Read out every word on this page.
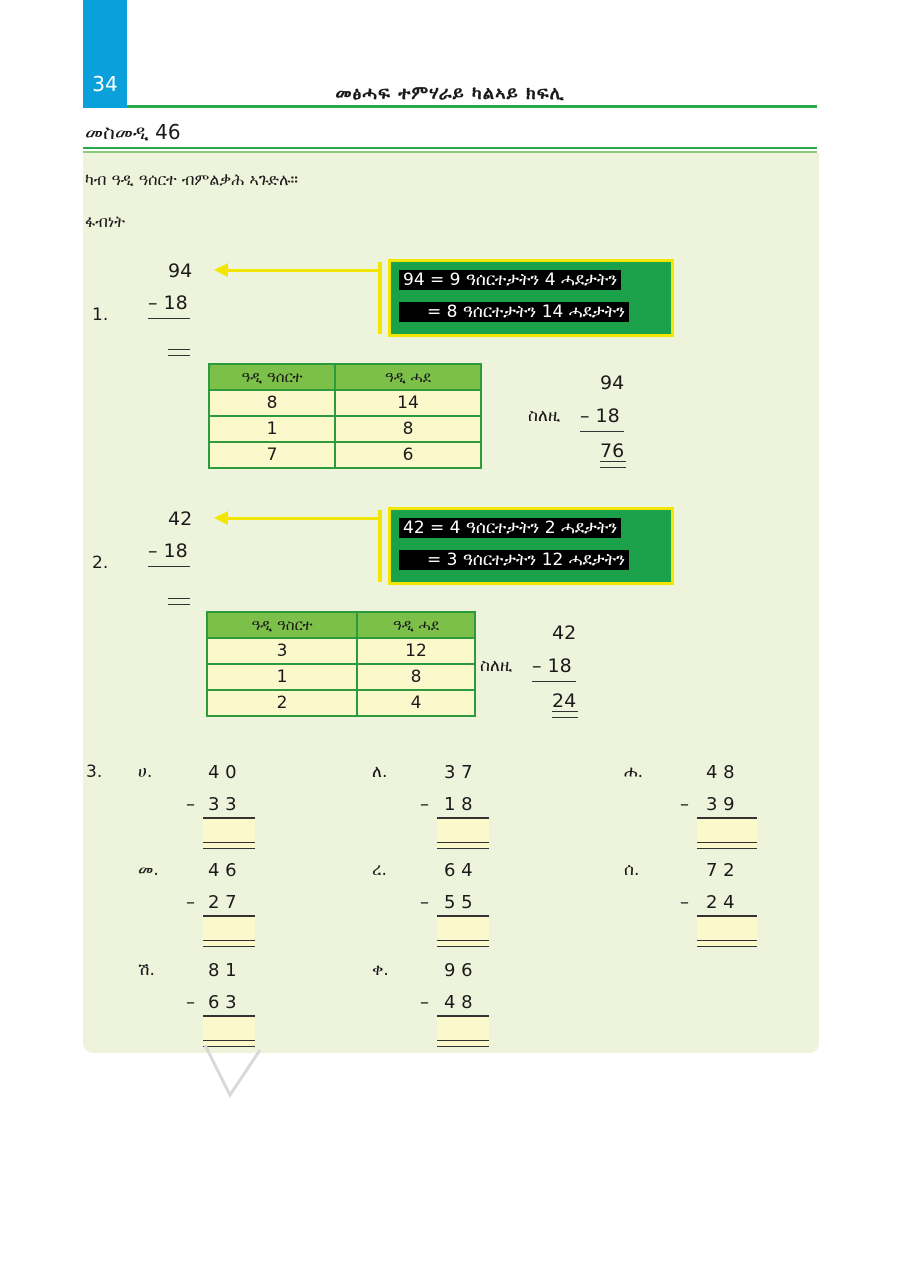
34	መፅሓፍ ተምሃራይ ካልኣይ ክፍሊ
መስመዲ 46
ካብ ዓዲ ዓሰርተ ብምልቃሕ ኣጉድሉ።
ፋብነት
1.
94
– 18
94 = 9 ዓሰርተታትን 4 ሓደታትን
= 8 ዓሰርተታትን 14 ሓደታትን
ዓዲ ዓሰርተ	ዓዲ ሓደ
8	14
1	8
7	6
94
ስለዚ – 18
76
2.
42
– 18
42 = 4 ዓሰርተታትን 2 ሓደታትን
= 3 ዓሰርተታትን 12 ሓደታትን
ዓዲ ዓስርተ	ዓዲ ሓደ
3	12
1	8
2	4
42
ስለዚ – 18
24
3. ሀ.	4 0
– 3 3
ለ.	3 7
– 1 8
ሐ.	4 8
– 3 9
መ.	4 6
– 2 7
ረ.	6 4
– 5 5
ሰ.	7 2
– 2 4
ሽ.	8 1
– 6 3
ቀ.	9 6
– 4 8
